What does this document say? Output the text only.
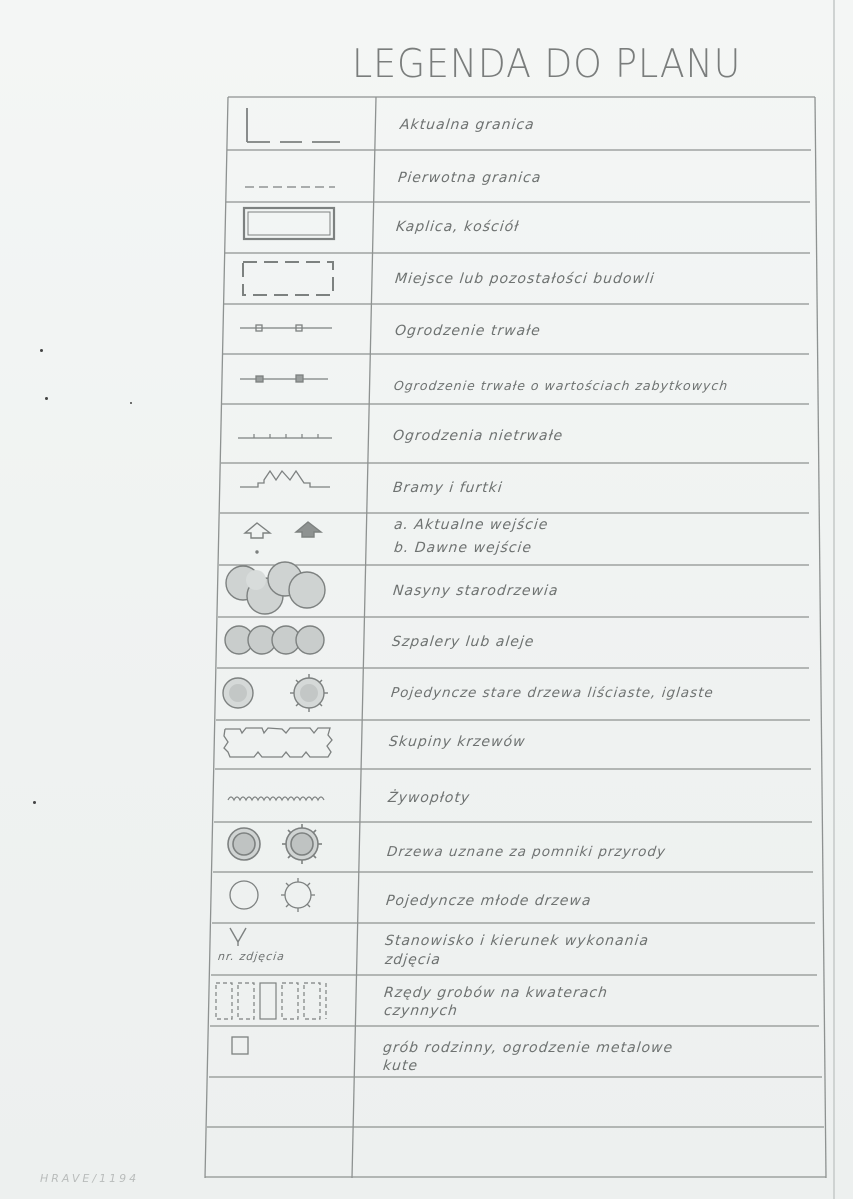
LEGENDA DO PLANU
Aktualna granica
Pierwotna granica
Kaplica, kościół
Miejsce lub pozostałości budowli
Ogrodzenie trwałe
Ogrodzenie trwałe o wartościach zabytkowych
Ogrodzenia nietrwałe
Bramy i furtki
a. Aktualne wejście
b. Dawne wejście
Nasyny starodrzewia
Szpalery lub aleje
Pojedyncze stare drzewa liściaste, iglaste
Skupiny krzewów
Żywopłoty
Drzewa uznane za pomniki przyrody
Pojedyncze młode drzewa
Stanowisko i kierunek wykonania
zdjęcia
nr. zdjęcia
Rzędy grobów na kwaterach
czynnych
grób rodzinny, ogrodzenie metalowe
kute
HRAVE/1194
